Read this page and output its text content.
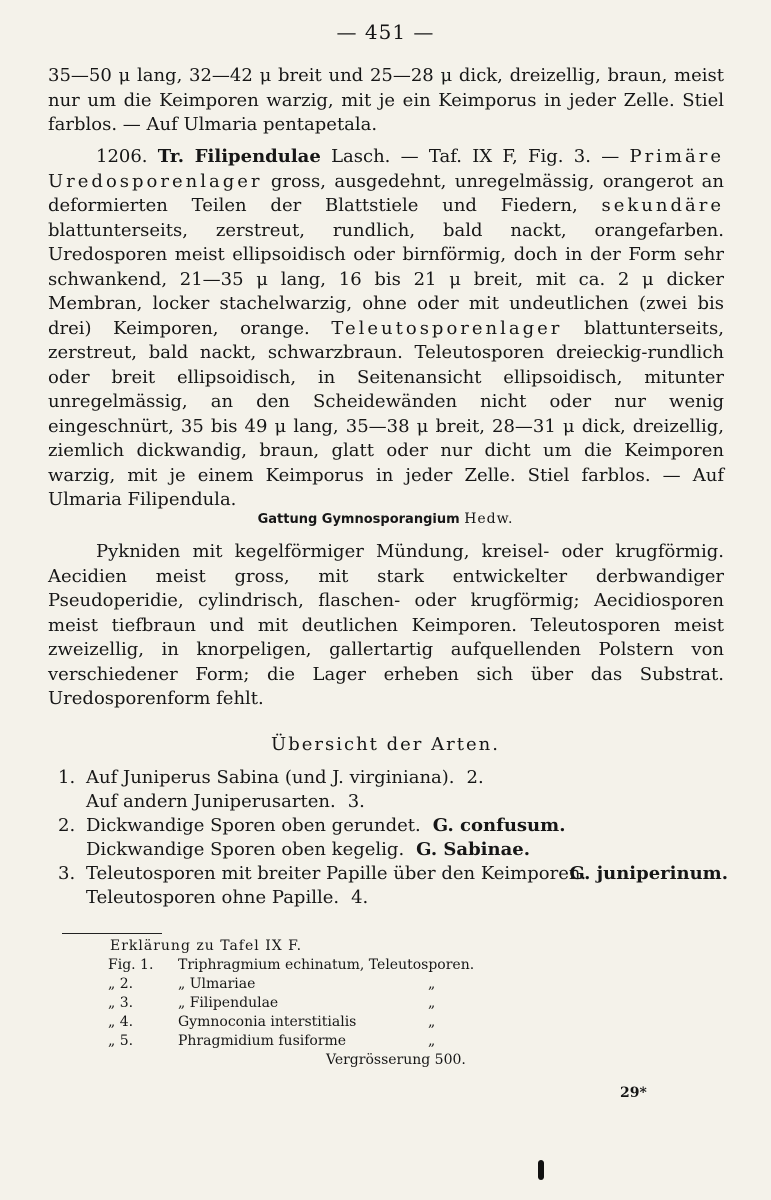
— 451 —

35—50 μ lang, 32—42 μ breit und 25—28 μ dick, dreizellig, braun, meist nur um die Keimporen warzig, mit je ein Keimporus in jeder Zelle. Stiel farblos. — Auf Ulmaria pentapetala.

1206. Tr. Filipendulae Lasch. — Taf. IX F, Fig. 3. — Primäre Uredosporenlager gross, ausgedehnt, unregelmässig, orangerot an deformierten Teilen der Blattstiele und Fiedern, sekundäre blattunterseits, zerstreut, rundlich, bald nackt, orangefarben. Uredosporen meist ellipsoidisch oder birnförmig, doch in der Form sehr schwankend, 21—35 μ lang, 16 bis 21 μ breit, mit ca. 2 μ dicker Membran, locker stachelwarzig, ohne oder mit undeutlichen (zwei bis drei) Keimporen, orange. Teleutosporenlager blattunterseits, zerstreut, bald nackt, schwarzbraun. Teleutosporen dreieckig-rundlich oder breit ellipsoidisch, in Seitenansicht ellipsoidisch, mitunter unregelmässig, an den Scheidewänden nicht oder nur wenig eingeschnürt, 35 bis 49 μ lang, 35—38 μ breit, 28—31 μ dick, dreizellig, ziemlich dickwandig, braun, glatt oder nur dicht um die Keimporen warzig, mit je einem Keimporus in jeder Zelle. Stiel farblos. — Auf Ulmaria Filipendula.

Gattung Gymnosporangium Hedw.

Pykniden mit kegelförmiger Mündung, kreisel- oder krugförmig. Aecidien meist gross, mit stark entwickelter derbwandiger Pseudoperidie, cylindrisch, flaschen- oder krugförmig; Aecidiosporen meist tiefbraun und mit deutlichen Keimporen. Teleutosporen meist zweizellig, in knorpeligen, gallertartig aufquellenden Polstern von verschiedener Form; die Lager erheben sich über das Substrat. Uredosporenform fehlt.

Übersicht der Arten.
1. Auf Juniperus Sabina (und J. virginiana). 2.
Auf andern Juniperusarten. 3.
2. Dickwandige Sporen oben gerundet. G. confusum.
Dickwandige Sporen oben kegelig. G. Sabinae.
3. Teleutosporen mit breiter Papille über den Keimporen.
G. juniperinum.
Teleutosporen ohne Papille. 4.
Erklärung zu Tafel IX F.
Fig. 1. Triphragmium echinatum, Teleutosporen.
„ 2.	„ Ulmariae	„
„ 3.	„ Filipendulae	„
„ 4.	Gymnoconia interstitialis	„
„ 5.	Phragmidium fusiforme	„
Vergrösserung 500.
29*
